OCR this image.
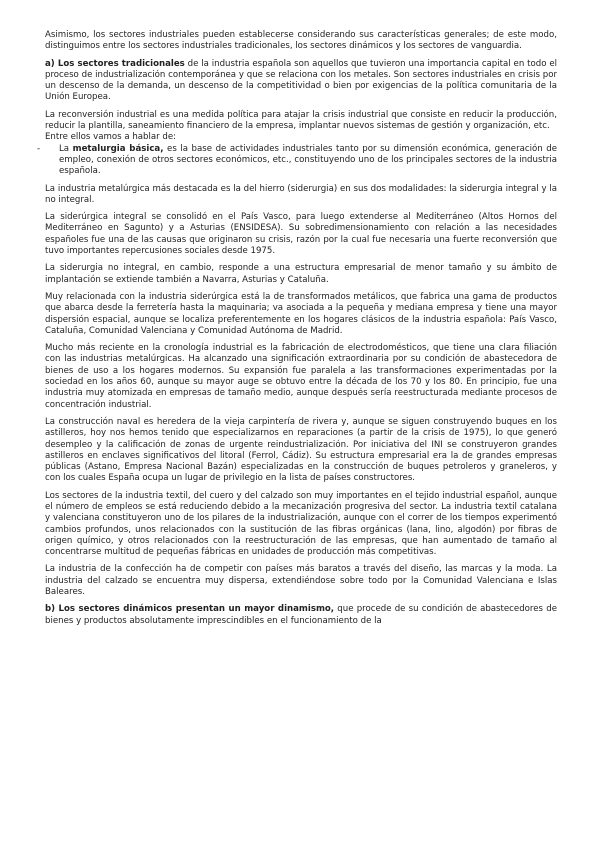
Asimismo, los sectores industriales pueden establecerse considerando sus características generales; de este modo, distinguimos entre los sectores industriales tradicionales, los sectores dinámicos y los sectores de vanguardia.

a) Los sectores tradicionales de la industria española son aquellos que tuvieron una importancia capital en todo el proceso de industrialización contemporánea y que se relaciona con los metales. Son sectores industriales en crisis por un descenso de la demanda, un descenso de la competitividad o bien por exigencias de la política comunitaria de la Unión Europea.

La reconversión industrial es una medida política para atajar la crisis industrial que consiste en reducir la producción, reducir la plantilla, saneamiento financiero de la empresa, implantar nuevos sistemas de gestión y organización, etc.

Entre ellos vamos a hablar de:

- La metalurgia básica, es la base de actividades industriales tanto por su dimensión económica, generación de empleo, conexión de otros sectores económicos, etc., constituyendo uno de los principales sectores de la industria española.

La industria metalúrgica más destacada es la del hierro (siderurgia) en sus dos modalidades: la siderurgia integral y la no integral.

La siderúrgica integral se consolidó en el País Vasco, para luego extenderse al Mediterráneo (Altos Hornos del Mediterráneo en Sagunto) y a Asturias (ENSIDESA). Su sobredimensionamiento con relación a las necesidades españoles fue una de las causas que originaron su crisis, razón por la cual fue necesaria una fuerte reconversión que tuvo importantes repercusiones sociales desde 1975.

La siderurgia no integral, en cambio, responde a una estructura empresarial de menor tamaño y su ámbito de implantación se extiende también a Navarra, Asturias y Cataluña.

Muy relacionada con la industria siderúrgica está la de transformados metálicos, que fabrica una gama de productos que abarca desde la ferretería hasta la maquinaria; va asociada a la pequeña y mediana empresa y tiene una mayor dispersión espacial, aunque se localiza preferentemente en los hogares clásicos de la industria española: País Vasco, Cataluña, Comunidad Valenciana y Comunidad Autónoma de Madrid.

Mucho más reciente en la cronología industrial es la fabricación de electrodomésticos, que tiene una clara filiación con las industrias metalúrgicas. Ha alcanzado una significación extraordinaria por su condición de abastecedora de bienes de uso a los hogares modernos. Su expansión fue paralela a las transformaciones experimentadas por la sociedad en los años 60, aunque su mayor auge se obtuvo entre la década de los 70 y los 80. En principio, fue una industria muy atomizada en empresas de tamaño medio, aunque después sería reestructurada mediante procesos de concentración industrial.

La construcción naval es heredera de la vieja carpintería de rivera y, aunque se siguen construyendo buques en los astilleros, hoy nos hemos tenido que especializarnos en reparaciones (a partir de la crisis de 1975), lo que generó desempleo y la calificación de zonas de urgente reindustrialización. Por iniciativa del INI se construyeron grandes astilleros en enclaves significativos del litoral (Ferrol, Cádiz). Su estructura empresarial era la de grandes empresas públicas (Astano, Empresa Nacional Bazán) especializadas en la construcción de buques petroleros y graneleros, y con los cuales España ocupa un lugar de privilegio en la lista de países constructores.

Los sectores de la industria textil, del cuero y del calzado son muy importantes en el tejido industrial español, aunque el número de empleos se está reduciendo debido a la mecanización progresiva del sector. La industria textil catalana y valenciana constituyeron uno de los pilares de la industrialización, aunque con el correr de los tiempos experimentó cambios profundos, unos relacionados con la sustitución de las fibras orgánicas (lana, lino, algodón) por fibras de origen químico, y otros relacionados con la reestructuración de las empresas, que han aumentado de tamaño al concentrarse multitud de pequeñas fábricas en unidades de producción más competitivas.

La industria de la confección ha de competir con países más baratos a través del diseño, las marcas y la moda. La industria del calzado se encuentra muy dispersa, extendiéndose sobre todo por la Comunidad Valenciana e Islas Baleares.

b) Los sectores dinámicos presentan un mayor dinamismo, que procede de su condición de abastecedores de bienes y productos absolutamente imprescindibles en el funcionamiento de la
